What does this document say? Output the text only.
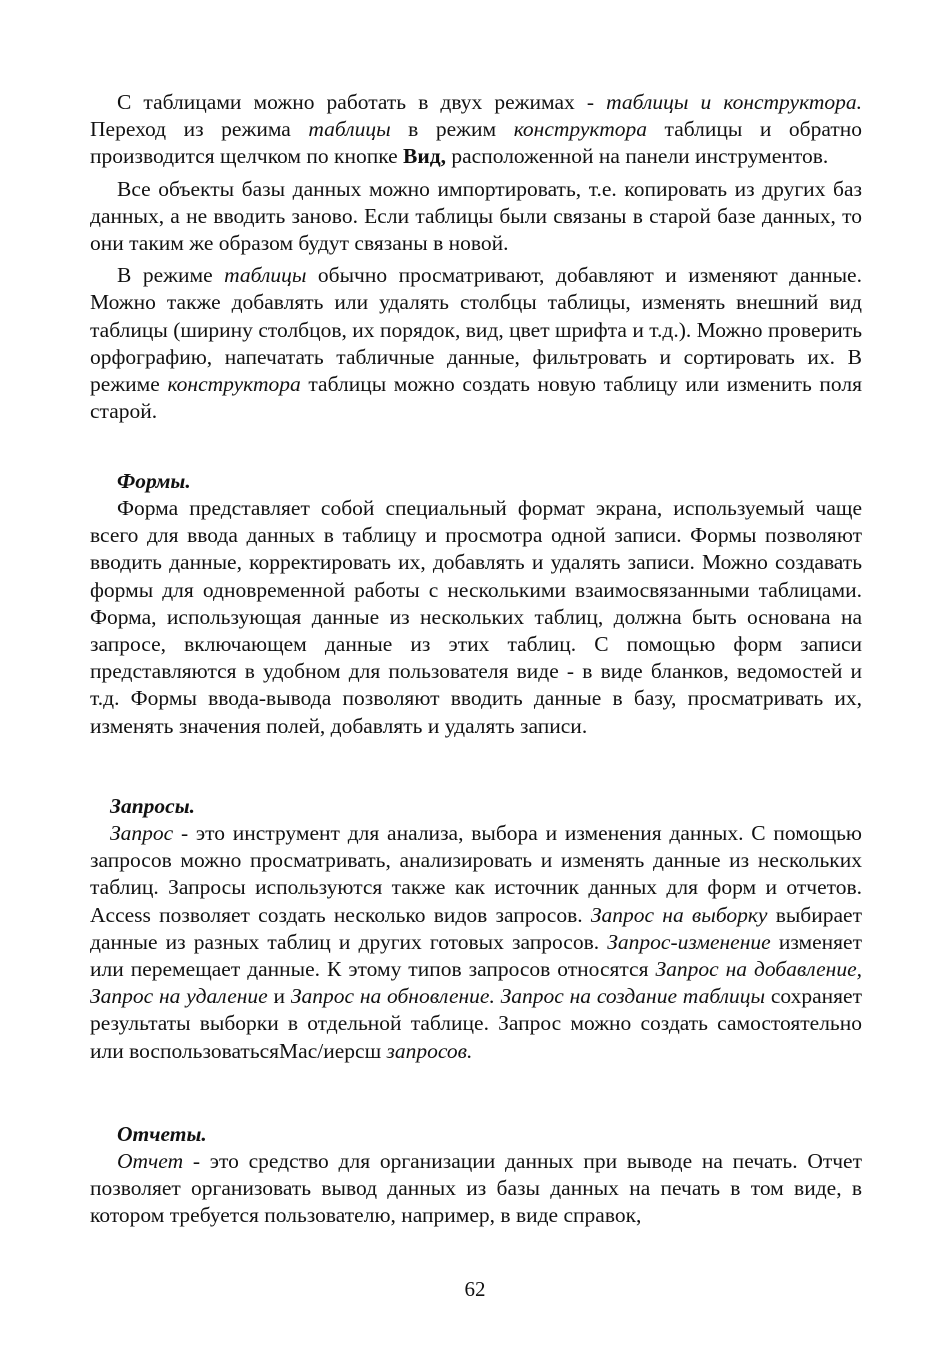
С таблицами можно работать в двух режимах - таблицы и конструктора. Переход из режима таблицы в режим конструктора таблицы и обратно производится щелчком по кнопке Вид, расположенной на панели инструментов.

Все объекты базы данных можно импортировать, т.е. копировать из других баз данных, а не вводить заново. Если таблицы были связаны в старой базе данных, то они таким же образом будут связаны в новой.

В режиме таблицы обычно просматривают, добавляют и изменяют данные. Можно также добавлять или удалять столбцы таблицы, изменять внешний вид таблицы (ширину столбцов, их порядок, вид, цвет шрифта и т.д.). Можно проверить орфографию, напечатать табличные данные, фильтровать и сортировать их. В режиме конструктора таблицы можно создать новую таблицу или изменить поля старой.

Формы.

Форма представляет собой специальный формат экрана, используемый чаще всего для ввода данных в таблицу и просмотра одной записи. Формы позволяют вводить данные, корректировать их, добавлять и удалять записи. Можно создавать формы для одновременной работы с несколькими взаимосвязанными таблицами. Форма, использующая данные из нескольких таблиц, должна быть основана на запросе, включающем данные из этих таблиц. С помощью форм записи представляются в удобном для пользователя виде - в виде бланков, ведомостей и т.д. Формы ввода-вывода позволяют вводить данные в базу, просматривать их, изменять значения полей, добавлять и удалять записи.

Запросы.

Запрос - это инструмент для анализа, выбора и изменения данных. С помощью запросов можно просматривать, анализировать и изменять данные из нескольких таблиц. Запросы используются также как источник данных для форм и отчетов. Access позволяет создать несколько видов запросов. Запрос на выборку выбирает данные из разных таблиц и других готовых запросов. Запрос-изменение изменяет или перемещает данные. К этому типов запросов относятся Запрос на добавление, Запрос на удаление и Запрос на обновление. Запрос на создание таблицы сохраняет результаты выборки в отдельной таблице. Запрос можно создать самостоятельно или воспользоватьсяМас/иерсш запросов.

Отчеты.

Отчет - это средство для организации данных при выводе на печать. Отчет позволяет организовать вывод данных из базы данных на печать в том виде, в котором требуется пользователю, например, в виде справок,

62
